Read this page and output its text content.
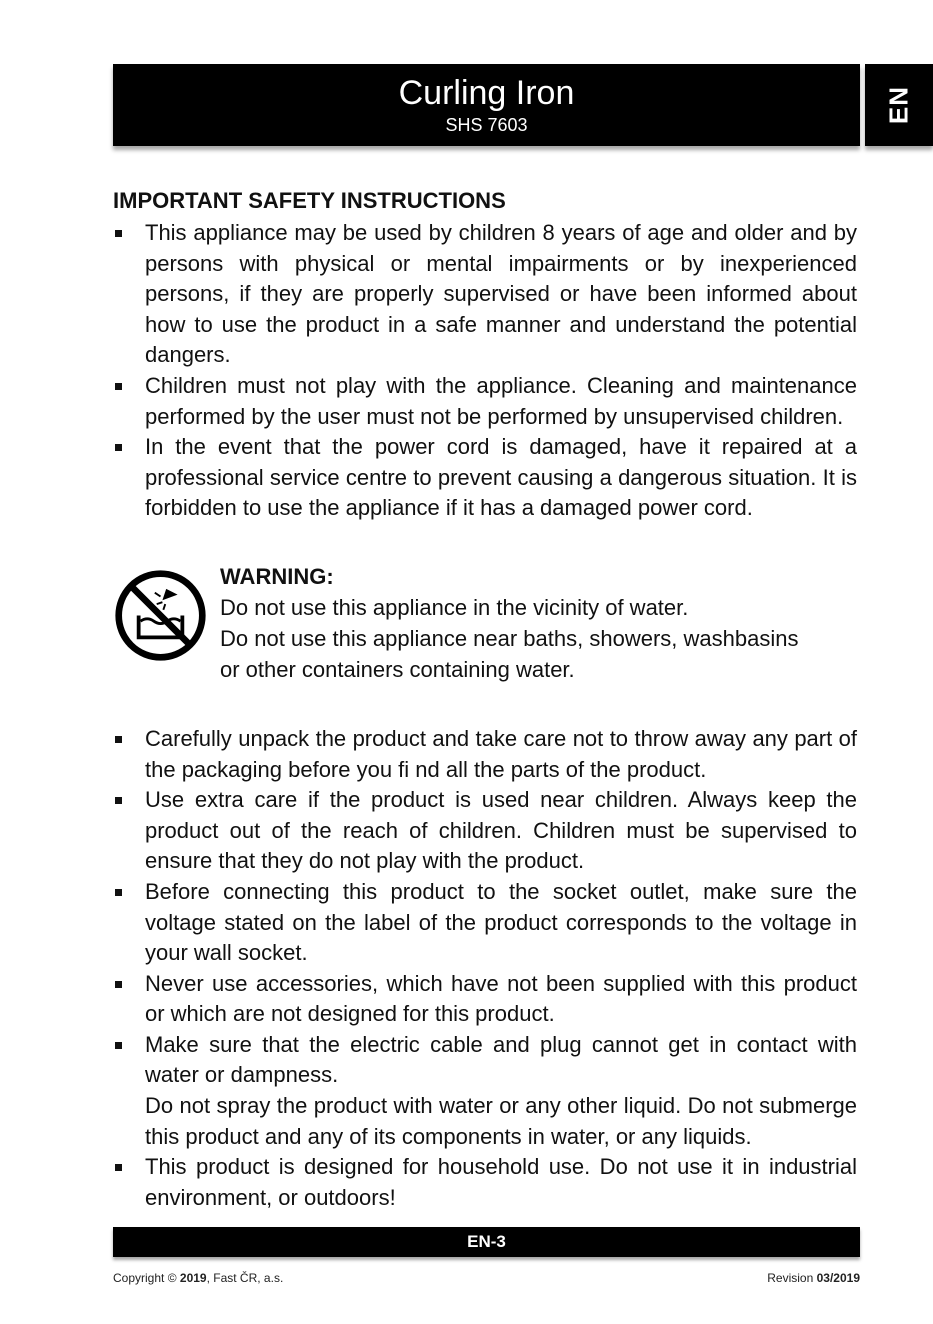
Curling Iron
SHS 7603
EN
IMPORTANT SAFETY INSTRUCTIONS
This appliance may be used by children 8 years of age and older and by persons with physical or mental impairments or by inexperienced persons, if they are properly supervised or have been informed about how to use the product in a safe manner and understand the potential dangers.
Children must not play with the appliance. Cleaning and maintenance performed by the user must not be performed by unsupervised children.
In the event that the power cord is damaged, have it repaired at a professional service centre to prevent causing a dangerous situation. It is forbidden to use the appliance if it has a damaged power cord.
WARNING:
Do not use this appliance in the vicinity of water.
Do not use this appliance near baths, showers, washbasins
or other containers containing water.
Carefully unpack the product and take care not to throw away any part of the packaging before you fi nd all the parts of the product.
Use extra care if the product is used near children. Always keep the product out of the reach of children. Children must be supervised to ensure that they do not play with the product.
Before connecting this product to the socket outlet, make sure the voltage stated on the label of the product corresponds to the voltage in your wall socket.
Never use accessories, which have not been supplied with this product or which are not designed for this product.
Make sure that the electric cable and plug cannot get in contact with water or dampness.
Do not spray the product with water or any other liquid. Do not submerge this product and any of its components in water, or any liquids.
This product is designed for household use. Do not use it in industrial environment, or outdoors!
EN-3
Copyright © 2019, Fast ČR, a.s.	Revision 03/2019
